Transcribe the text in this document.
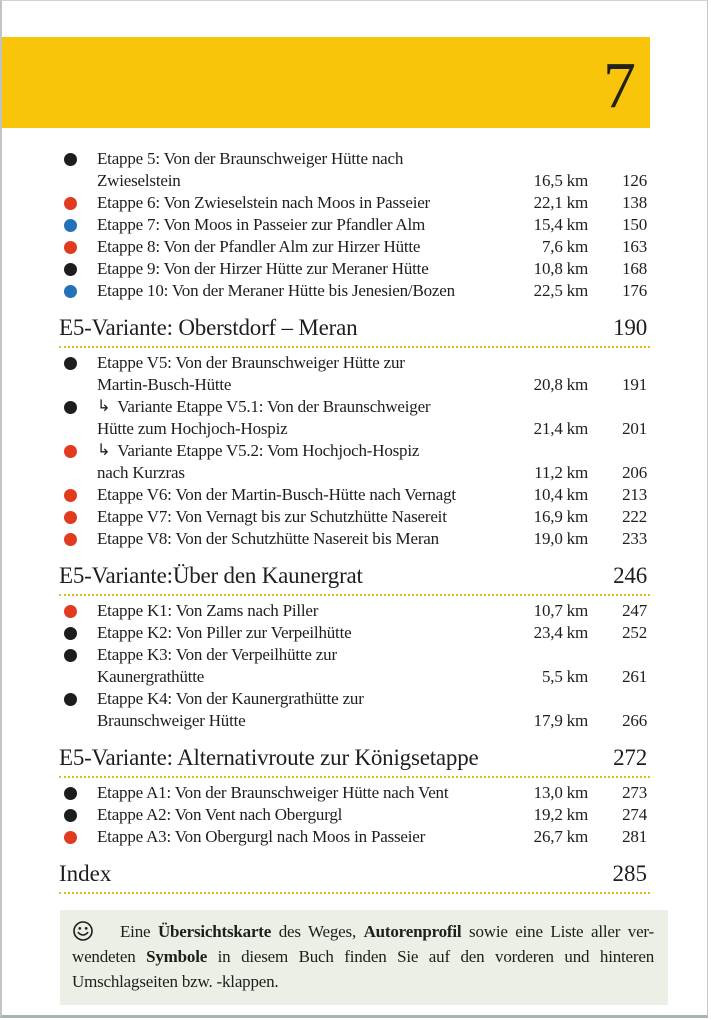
7
Etappe 5: Von der Braunschweiger Hütte nach
Zwieselstein	16,5 km	126
Etappe 6: Von Zwieselstein nach Moos in Passeier	22,1 km	138
Etappe 7: Von Moos in Passeier zur Pfandler Alm	15,4 km	150
Etappe 8: Von der Pfandler Alm zur Hirzer Hütte	7,6 km	163
Etappe 9: Von der Hirzer Hütte zur Meraner Hütte	10,8 km	168
Etappe 10: Von der Meraner Hütte bis Jenesien/Bozen	22,5 km	176
E5-Variante: Oberstdorf – Meran	190
Etappe V5: Von der Braunschweiger Hütte zur
Martin-Busch-Hütte	20,8 km	191
↳ Variante Etappe V5.1: Von der Braunschweiger
Hütte zum Hochjoch-Hospiz	21,4 km	201
↳ Variante Etappe V5.2: Vom Hochjoch-Hospiz
nach Kurzras	11,2 km	206
Etappe V6: Von der Martin-Busch-Hütte nach Vernagt	10,4 km	213
Etappe V7: Von Vernagt bis zur Schutzhütte Nasereit	16,9 km	222
Etappe V8: Von der Schutzhütte Nasereit bis Meran	19,0 km	233
E5-Variante:Über den Kaunergrat	246
Etappe K1: Von Zams nach Piller	10,7 km	247
Etappe K2: Von Piller zur Verpeilhütte	23,4 km	252
Etappe K3: Von der Verpeilhütte zur
Kaunergrathütte	5,5 km	261
Etappe K4: Von der Kaunergrathütte zur
Braunschweiger Hütte	17,9 km	266
E5-Variante: Alternativroute zur Königsetappe	272
Etappe A1: Von der Braunschweiger Hütte nach Vent	13,0 km	273
Etappe A2: Von Vent nach Obergurgl	19,2 km	274
Etappe A3: Von Obergurgl nach Moos in Passeier	26,7 km	281
Index	285
Eine Übersichtskarte des Weges, Autorenprofil sowie eine Liste aller ver-
wendeten Symbole in diesem Buch finden Sie auf den vorderen und hinteren
Umschlagseiten bzw. -klappen.
